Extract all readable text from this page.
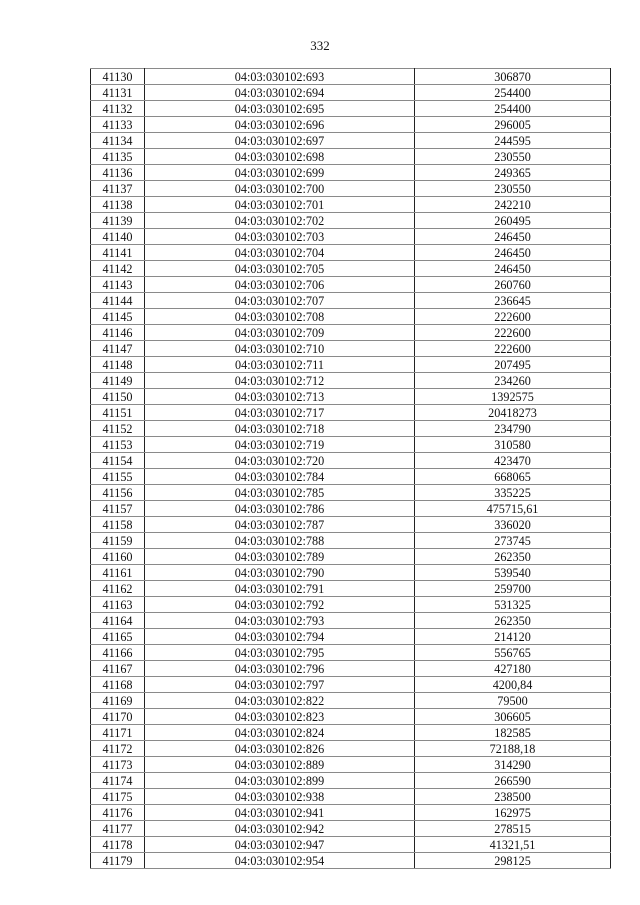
332
41130	04:03:030102:693	306870
41131	04:03:030102:694	254400
41132	04:03:030102:695	254400
41133	04:03:030102:696	296005
41134	04:03:030102:697	244595
41135	04:03:030102:698	230550
41136	04:03:030102:699	249365
41137	04:03:030102:700	230550
41138	04:03:030102:701	242210
41139	04:03:030102:702	260495
41140	04:03:030102:703	246450
41141	04:03:030102:704	246450
41142	04:03:030102:705	246450
41143	04:03:030102:706	260760
41144	04:03:030102:707	236645
41145	04:03:030102:708	222600
41146	04:03:030102:709	222600
41147	04:03:030102:710	222600
41148	04:03:030102:711	207495
41149	04:03:030102:712	234260
41150	04:03:030102:713	1392575
41151	04:03:030102:717	20418273
41152	04:03:030102:718	234790
41153	04:03:030102:719	310580
41154	04:03:030102:720	423470
41155	04:03:030102:784	668065
41156	04:03:030102:785	335225
41157	04:03:030102:786	475715,61
41158	04:03:030102:787	336020
41159	04:03:030102:788	273745
41160	04:03:030102:789	262350
41161	04:03:030102:790	539540
41162	04:03:030102:791	259700
41163	04:03:030102:792	531325
41164	04:03:030102:793	262350
41165	04:03:030102:794	214120
41166	04:03:030102:795	556765
41167	04:03:030102:796	427180
41168	04:03:030102:797	4200,84
41169	04:03:030102:822	79500
41170	04:03:030102:823	306605
41171	04:03:030102:824	182585
41172	04:03:030102:826	72188,18
41173	04:03:030102:889	314290
41174	04:03:030102:899	266590
41175	04:03:030102:938	238500
41176	04:03:030102:941	162975
41177	04:03:030102:942	278515
41178	04:03:030102:947	41321,51
41179	04:03:030102:954	298125
